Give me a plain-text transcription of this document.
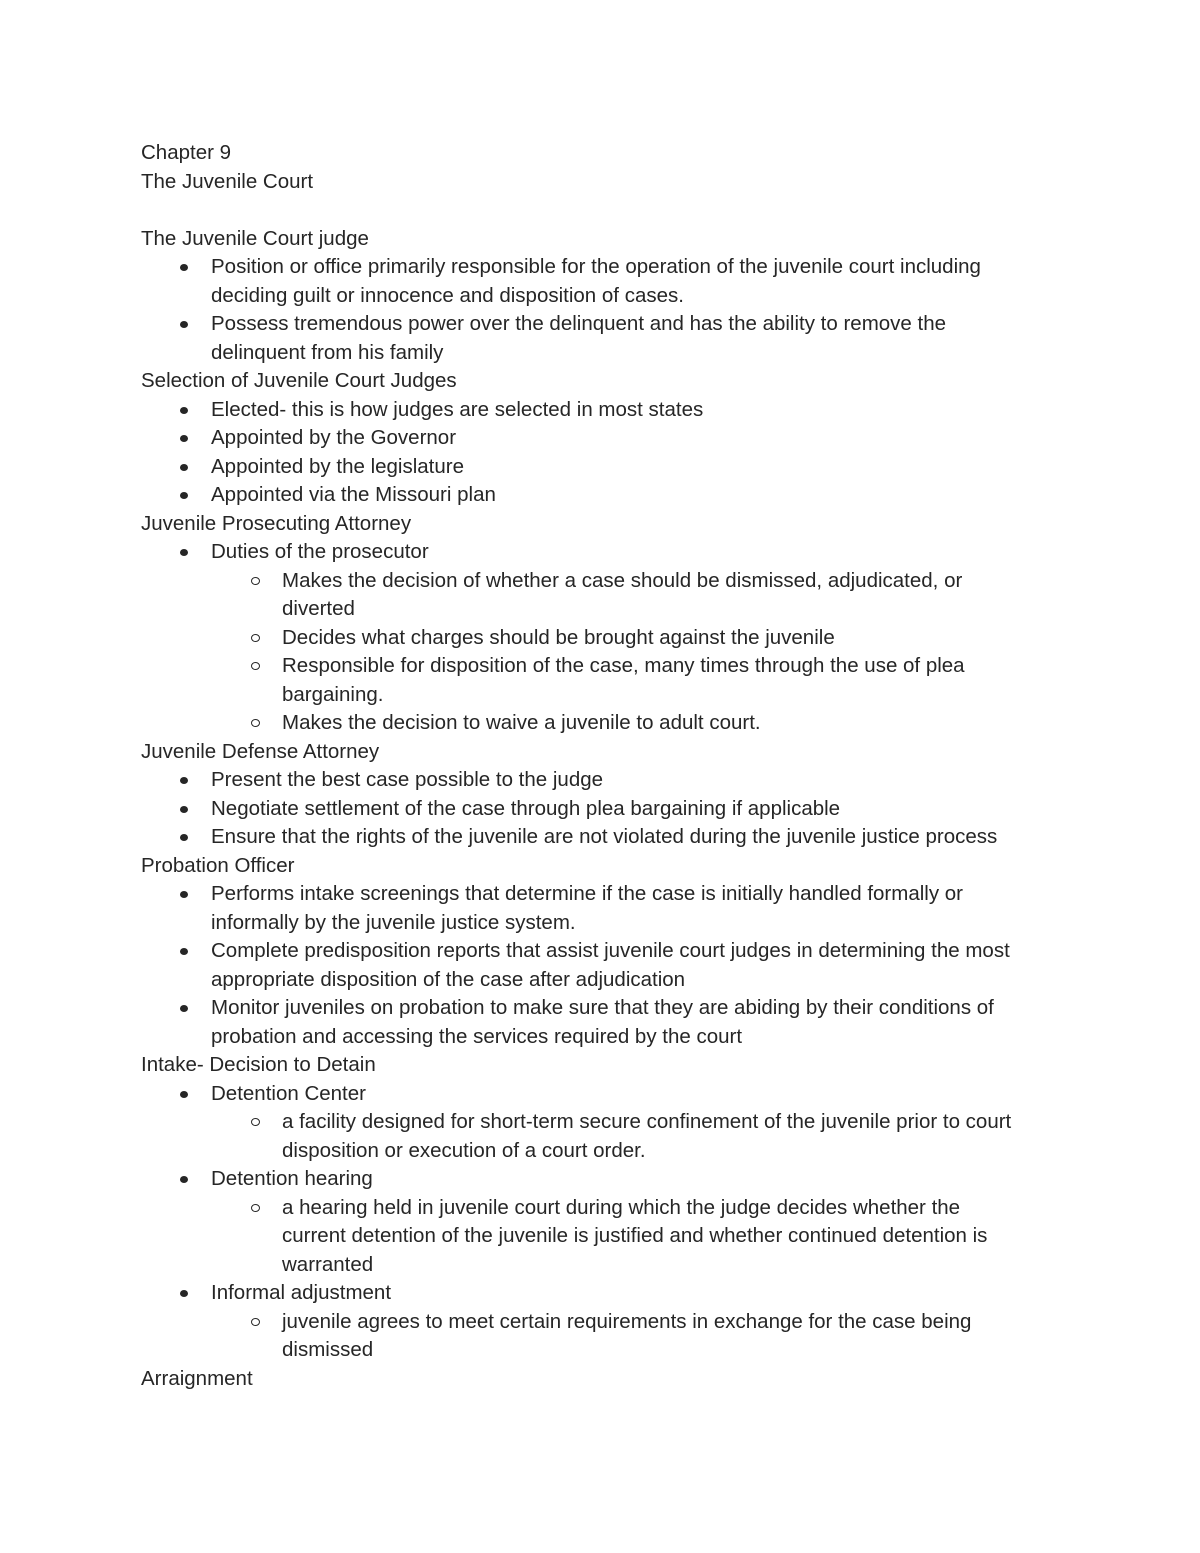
Chapter 9

The Juvenile Court

The Juvenile Court judge

Position or office primarily responsible for the operation of the juvenile court including
deciding guilt or innocence and disposition of cases.
Possess tremendous power over the delinquent and has the ability to remove the
delinquent from his family

Selection of Juvenile Court Judges

Elected- this is how judges are selected in most states
Appointed by the Governor
Appointed by the legislature
Appointed via the Missouri plan

Juvenile Prosecuting Attorney

Duties of the prosecutor
Makes the decision of whether a case should be dismissed, adjudicated, or
diverted
Decides what charges should be brought against the juvenile
Responsible for disposition of the case, many times through the use of plea
bargaining.
Makes the decision to waive a juvenile to adult court.

Juvenile Defense Attorney

Present the best case possible to the judge
Negotiate settlement of the case through plea bargaining if applicable
Ensure that the rights of the juvenile are not violated during the juvenile justice process

Probation Officer

Performs intake screenings that determine if the case is initially handled formally or
informally by the juvenile justice system.
Complete predisposition reports that assist juvenile court judges in determining the most
appropriate disposition of the case after adjudication
Monitor juveniles on probation to make sure that they are abiding by their conditions of
probation and accessing the services required by the court

Intake- Decision to Detain

Detention Center
a facility designed for short-term secure confinement of the juvenile prior to court
disposition or execution of a court order.
Detention hearing
a hearing held in juvenile court during which the judge decides whether the
current detention of the juvenile is justified and whether continued detention is
warranted
Informal adjustment
juvenile agrees to meet certain requirements in exchange for the case being
dismissed

Arraignment
